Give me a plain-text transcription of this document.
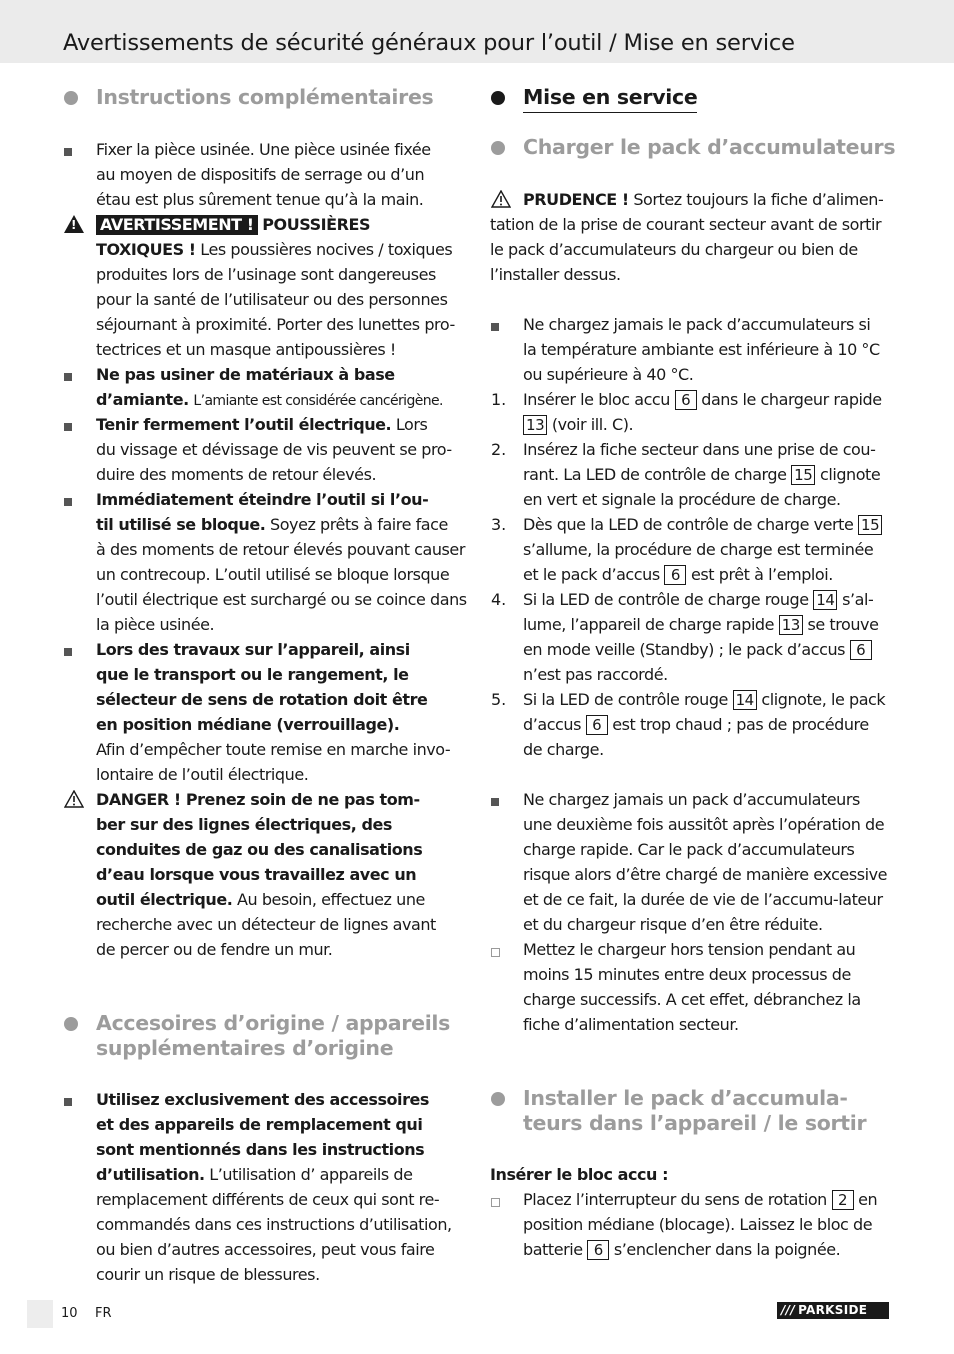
Avertissements de sécurité généraux pour l’outil / Mise en service
Instructions complémentaires
Fixer la pièce usinée. Une pièce usinée fixée
au moyen de dispositifs de serrage ou d’un
étau est plus sûrement tenue qu’à la main.
!
AVERTISSEMENT ! POUSSIÈRES
TOXIQUES ! Les poussières nocives / toxiques
produites lors de l’usinage sont dangereuses
pour la santé de l’utilisateur ou des personnes
séjournant à proximité. Porter des lunettes pro-
tectrices et un masque antipoussières !
Ne pas usiner de matériaux à base
d’amiante. L’amiante est considérée cancérigène.
Tenir fermement l’outil électrique. Lors
du vissage et dévissage de vis peuvent se pro-
duire des moments de retour élevés.
Immédiatement éteindre l’outil si l’ou-
til utilisé se bloque. Soyez prêts à faire face
à des moments de retour élevés pouvant causer
un contrecoup. L’outil utilisé se bloque lorsque
l’outil électrique est surchargé ou se coince dans
la pièce usinée.
Lors des travaux sur l’appareil, ainsi
que le transport ou le rangement, le
sélecteur de sens de rotation doit être
en position médiane (verrouillage).
Afin d’empêcher toute remise en marche invo-
lontaire de l’outil électrique.
DANGER ! Prenez soin de ne pas tom-
ber sur des lignes électriques, des
conduites de gaz ou des canalisations
d’eau lorsque vous travaillez avec un
outil électrique. Au besoin, effectuez une
recherche avec un détecteur de lignes avant
de percer ou de fendre un mur.
Accesoires d’origine / appareils
supplémentaires d’origine
Utilisez exclusivement des accessoires
et des appareils de remplacement qui
sont mentionnés dans les instructions
d’utilisation. L’utilisation d’ appareils de
remplacement différents de ceux qui sont re-
commandés dans ces instructions d’utilisation,
ou bien d’autres accessoires, peut vous faire
courir un risque de blessures.
Mise en service
Charger le pack d’accumulateurs
PRUDENCE ! Sortez toujours la fiche d’alimen-
tation de la prise de courant secteur avant de sortir
le pack d’accumulateurs du chargeur ou bien de
l’installer dessus.
Ne chargez jamais le pack d’accumulateurs si
la température ambiante est inférieure à 10 °C
ou supérieure à 40 °C.
1. Insérer le bloc accu 6 dans le chargeur rapide
13 (voir ill. C).
2. Insérez la fiche secteur dans une prise de cou-
rant. La LED de contrôle de charge 15 clignote
en vert et signale la procédure de charge.
3. Dès que la LED de contrôle de charge verte 15
s’allume, la procédure de charge est terminée
et le pack d’accus 6 est prêt à l’emploi.
4. Si la LED de contrôle de charge rouge 14 s’al-
lume, l’appareil de charge rapide 13 se trouve
en mode veille (Standby) ; le pack d’accus 6
n’est pas raccordé.
5. Si la LED de contrôle rouge 14 clignote, le pack
d’accus 6 est trop chaud ; pas de procédure
de charge.
Ne chargez jamais un pack d’accumulateurs
une deuxième fois aussitôt après l’opération de
charge rapide. Car le pack d’accumulateurs
risque alors d’être chargé de manière excessive
et de ce fait, la durée de vie de l’accumu-lateur
et du chargeur risque d’en être réduite.
Mettez le chargeur hors tension pendant au
moins 15 minutes entre deux processus de
charge successifs. A cet effet, débranchez la
fiche d’alimentation secteur.
Installer le pack d’accumula-
teurs dans l’appareil / le sortir
Insérer le bloc accu :
Placez l’interrupteur du sens de rotation 2 en
position médiane (blocage). Laissez le bloc de
batterie 6 s’enclencher dans la poignée.
10 FR	/// PARKSIDE
